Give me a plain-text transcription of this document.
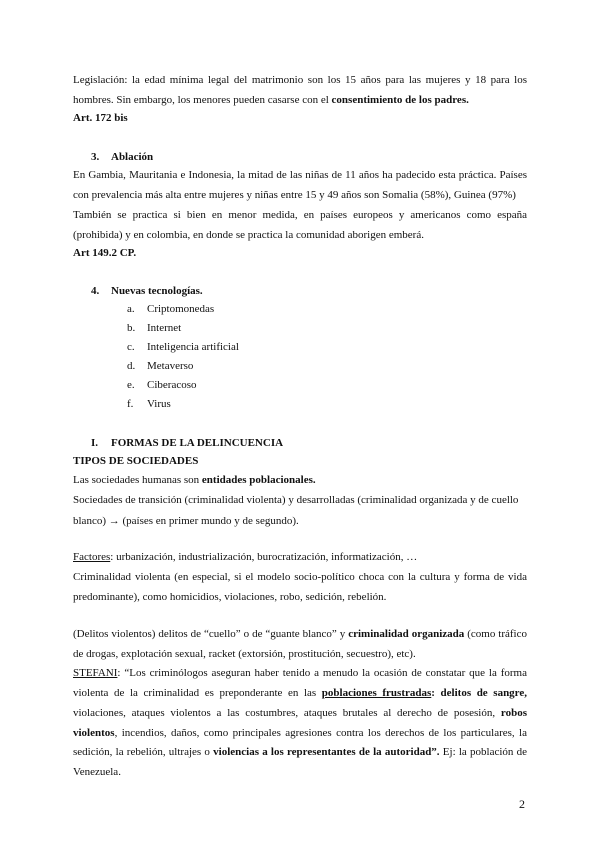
Legislación: la edad mínima legal del matrimonio son los 15 años para las mujeres y 18 para los
hombres. Sin embargo, los menores pueden casarse con el consentimiento de los padres.
Art. 172 bis
3. Ablación
En Gambia, Mauritania e Indonesia, la mitad de las niñas de 11 años ha padecido esta práctica. Países
con prevalencia más alta entre mujeres y niñas entre 15 y 49 años son Somalia (58%), Guinea (97%)
También se practica si bien en menor medida, en países europeos y americanos como españa
(prohibida) y en colombia, en donde se practica la comunidad aborigen emberá.
Art 149.2 CP.
4. Nuevas tecnologías.
a. Criptomonedas
b. Internet
c. Inteligencia artificial
d. Metaverso
e. Ciberacoso
f. Virus
I. FORMAS DE LA DELINCUENCIA
TIPOS DE SOCIEDADES
Las sociedades humanas son entidades poblacionales.
Sociedades de transición (criminalidad violenta) y desarrolladas (criminalidad organizada y de cuello
blanco) → (países en primer mundo y de segundo).
Factores: urbanización, industrialización, burocratización, informatización, …
Criminalidad violenta (en especial, si el modelo socio-político choca con la cultura y forma de vida
predominante), como homicidios, violaciones, robo, sedición, rebelión.
(Delitos violentos) delitos de “cuello” o de “guante blanco” y criminalidad organizada (como tráfico
de drogas, explotación sexual, racket (extorsión, prostitución, secuestro), etc).
STEFANI: “Los criminólogos aseguran haber tenido a menudo la ocasión de constatar que la forma
violenta de la criminalidad es preponderante en las poblaciones frustradas: delitos de sangre,
violaciones, ataques violentos a las costumbres, ataques brutales al derecho de posesión, robos
violentos, incendios, daños, como principales agresiones contra los derechos de los particulares, la
sedición, la rebelión, ultrajes o violencias a los representantes de la autoridad”. Ej: la población de
Venezuela.
2
